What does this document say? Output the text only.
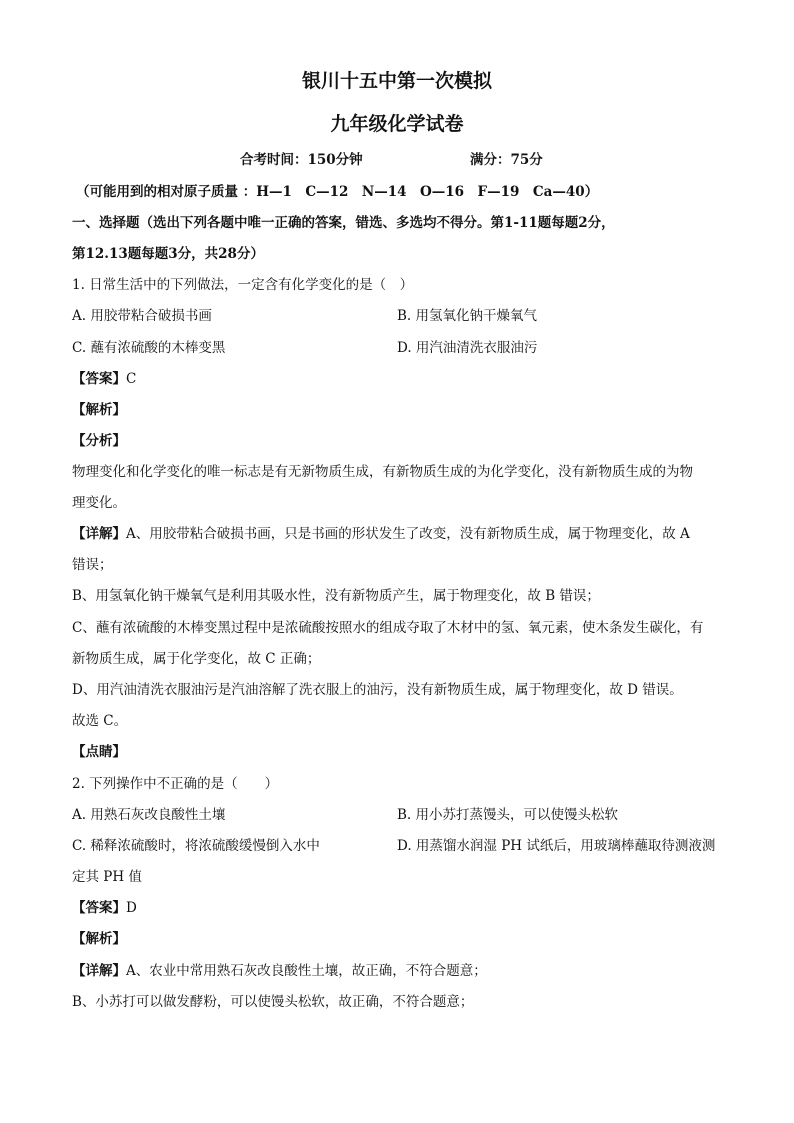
银川十五中第一次模拟
九年级化学试卷
合考时间：150分钟	满分：75分
（可能用到的相对原子质量 ：H—1　C—12　N—14　O—16　F—19　Ca—40）
一、选择题（选出下列各题中唯一正确的答案，错选、多选均不得分。第1-11题每题2分，
第12.13题每题3分，共28分）
1. 日常生活中的下列做法，一定含有化学变化的是（　）
A. 用胶带粘合破损书画	B. 用氢氧化钠干燥氧气
C. 蘸有浓硫酸的木棒变黑	D. 用汽油清洗衣服油污
【答案】C
【解析】
【分析】
物理变化和化学变化的唯一标志是有无新物质生成，有新物质生成的为化学变化，没有新物质生成的为物
理变化。
【详解】A、用胶带粘合破损书画，只是书画的形状发生了改变，没有新物质生成，属于物理变化，故 A
错误；
B、用氢氧化钠干燥氧气是利用其吸水性，没有新物质产生，属于物理变化，故 B 错误；
C、蘸有浓硫酸的木棒变黑过程中是浓硫酸按照水的组成夺取了木材中的氢、氧元素，使木条发生碳化，有
新物质生成，属于化学变化，故 C 正确；
D、用汽油清洗衣服油污是汽油溶解了洗衣服上的油污，没有新物质生成，属于物理变化，故 D 错误。
故选 C。
【点睛】
2. 下列操作中不正确的是（　　）
A. 用熟石灰改良酸性土壤	B. 用小苏打蒸馒头，可以使馒头松软
C. 稀释浓硫酸时，将浓硫酸缓慢倒入水中	D. 用蒸馏水润湿 PH 试纸后，用玻璃棒蘸取待测液测
定其 PH 值
【答案】D
【解析】
【详解】A、农业中常用熟石灰改良酸性土壤，故正确，不符合题意；
B、小苏打可以做发酵粉，可以使馒头松软，故正确，不符合题意；
